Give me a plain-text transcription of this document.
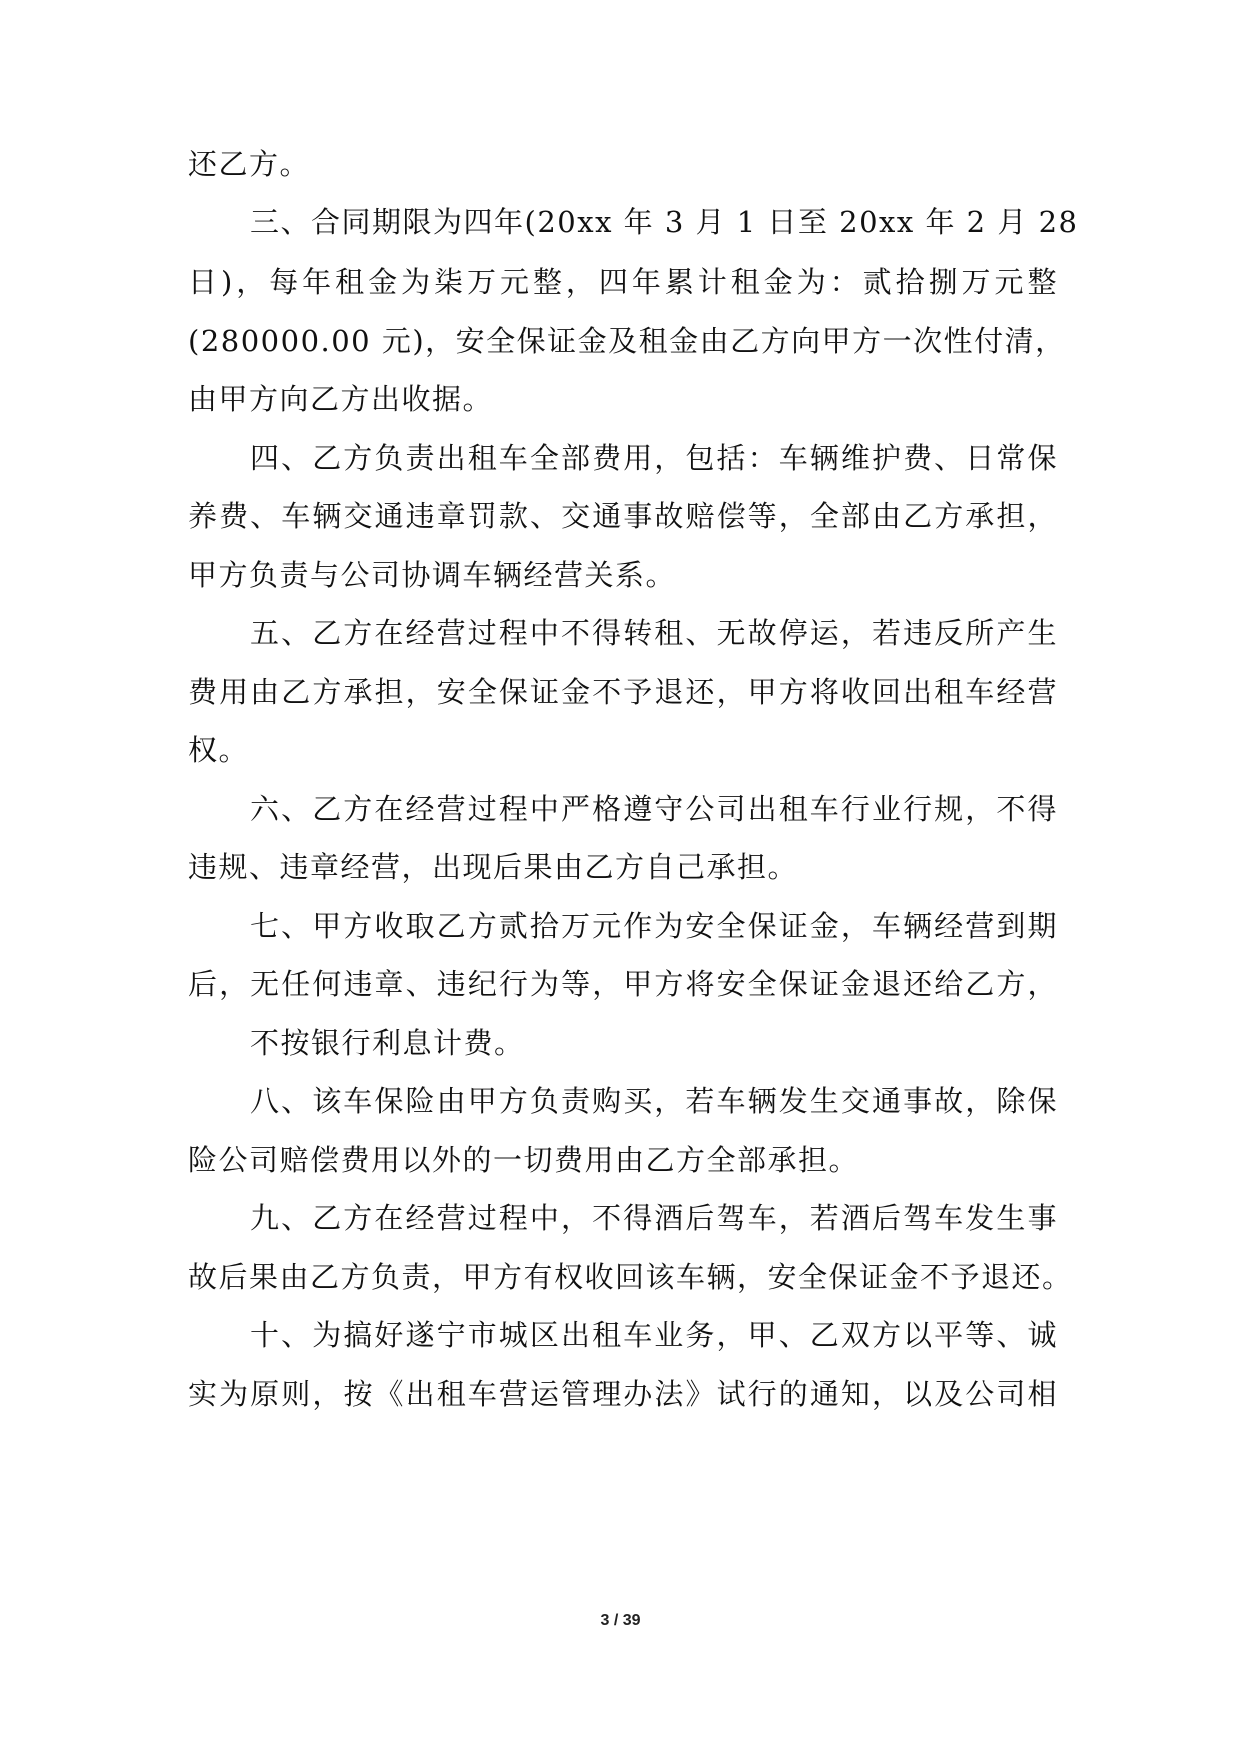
还乙方。
三、合同期限为四年(20xx 年 3 月 1 日至 20xx 年 2 月 28
日)，每年租金为柒万元整，四年累计租金为：贰拾捌万元整
(280000.00 元)，安全保证金及租金由乙方向甲方一次性付清，
由甲方向乙方出收据。
四、乙方负责出租车全部费用，包括：车辆维护费、日常保
养费、车辆交通违章罚款、交通事故赔偿等，全部由乙方承担，
甲方负责与公司协调车辆经营关系。
五、乙方在经营过程中不得转租、无故停运，若违反所产生
费用由乙方承担，安全保证金不予退还，甲方将收回出租车经营
权。
六、乙方在经营过程中严格遵守公司出租车行业行规，不得
违规、违章经营，出现后果由乙方自己承担。
七、甲方收取乙方贰拾万元作为安全保证金，车辆经营到期
后，无任何违章、违纪行为等，甲方将安全保证金退还给乙方，
不按银行利息计费。
八、该车保险由甲方负责购买，若车辆发生交通事故，除保
险公司赔偿费用以外的一切费用由乙方全部承担。
九、乙方在经营过程中，不得酒后驾车，若酒后驾车发生事
故后果由乙方负责，甲方有权收回该车辆，安全保证金不予退还。
十、为搞好遂宁市城区出租车业务，甲、乙双方以平等、诚
实为原则，按《出租车营运管理办法》试行的通知，以及公司相
3 / 39
